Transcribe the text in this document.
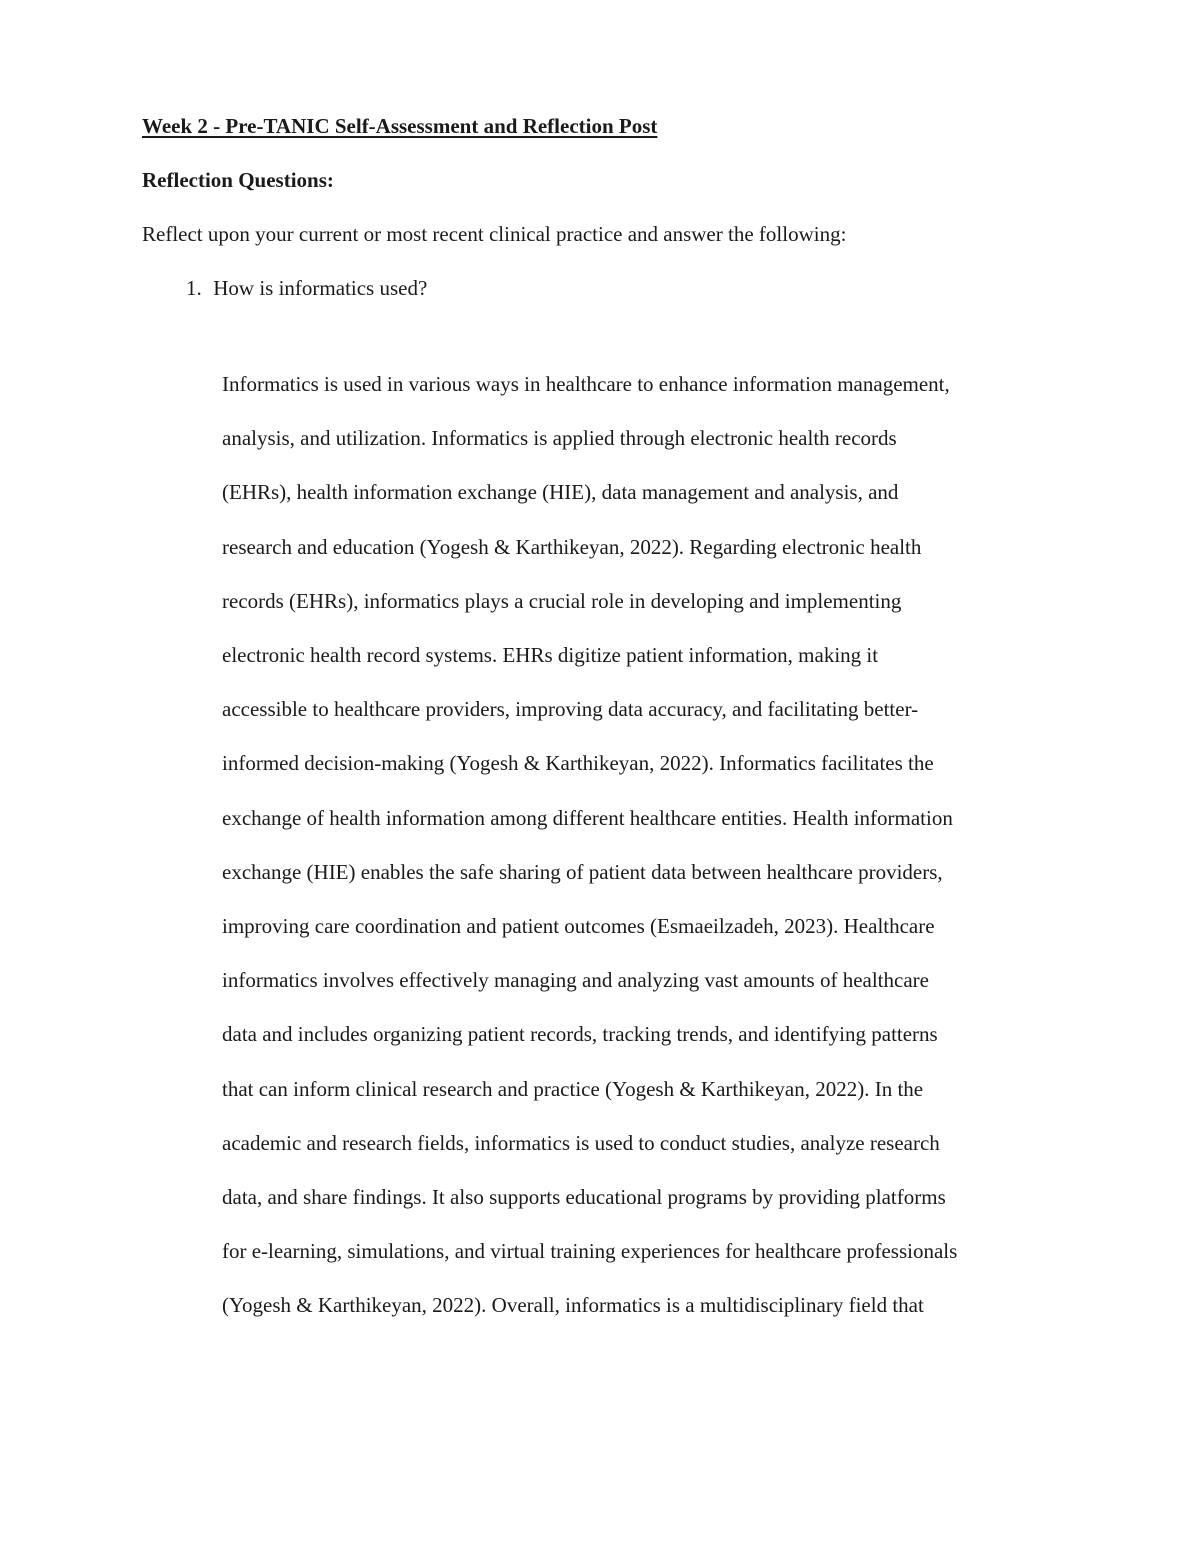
Week 2 - Pre-TANIC Self-Assessment and Reflection Post

Reflection Questions:

Reflect upon your current or most recent clinical practice and answer the following:

1. How is informatics used?

Informatics is used in various ways in healthcare to enhance information management,
analysis, and utilization. Informatics is applied through electronic health records
(EHRs), health information exchange (HIE), data management and analysis, and
research and education (Yogesh & Karthikeyan, 2022). Regarding electronic health
records (EHRs), informatics plays a crucial role in developing and implementing
electronic health record systems. EHRs digitize patient information, making it
accessible to healthcare providers, improving data accuracy, and facilitating better-
informed decision-making (Yogesh & Karthikeyan, 2022). Informatics facilitates the
exchange of health information among different healthcare entities. Health information
exchange (HIE) enables the safe sharing of patient data between healthcare providers,
improving care coordination and patient outcomes (Esmaeilzadeh, 2023). Healthcare
informatics involves effectively managing and analyzing vast amounts of healthcare
data and includes organizing patient records, tracking trends, and identifying patterns
that can inform clinical research and practice (Yogesh & Karthikeyan, 2022). In the
academic and research fields, informatics is used to conduct studies, analyze research
data, and share findings. It also supports educational programs by providing platforms
for e-learning, simulations, and virtual training experiences for healthcare professionals
(Yogesh & Karthikeyan, 2022). Overall, informatics is a multidisciplinary field that
